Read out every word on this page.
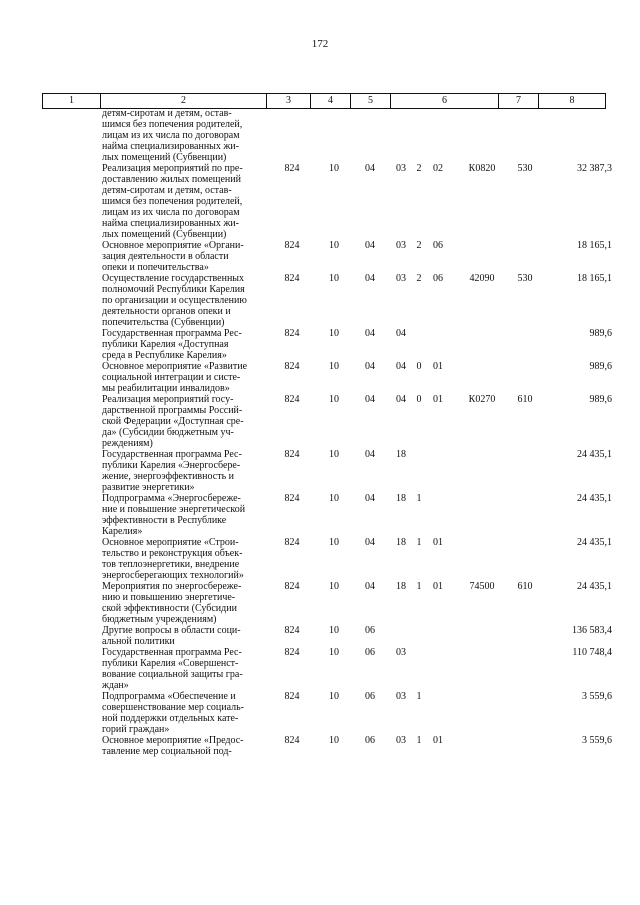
172
1	2	3	4	5	6	7	8
детям-сиротам и детям, остав-
шимся без попечения родителей,
лицам из их числа по договорам
найма специализированных жи-
лых помещений (Субвенции)
Реализация мероприятий по пре-
доставлению жилых помещений
детям-сиротам и детям, остав-
шимся без попечения родителей,
лицам из их числа по договорам
найма специализированных жи-
лых помещений (Субвенции)
824	10	04	03 2	02	К0820	530	32 387,3
Основное мероприятие «Органи-
зация деятельности в области
опеки и попечительства»
824	10	04	03 2	06	18 165,1
Осуществление государственных
полномочий Республики Карелия
по организации и осуществлению
деятельности органов опеки и
попечительства (Субвенции)
824	10	04	03 2	06	42090	530	18 165,1
Государственная программа Рес-
публики Карелия «Доступная
среда в Республике Карелия»
824	10	04	04	989,6
Основное мероприятие «Развитие
социальной интеграции и систе-
мы реабилитации инвалидов»
824	10	04	04 0	01	989,6
Реализация мероприятий госу-
дарственной программы Россий-
ской Федерации «Доступная сре-
да» (Субсидии бюджетным уч-
реждениям)
824	10	04	04 0	01	К0270	610	989,6
Государственная программа Рес-
публики Карелия «Энергосбере-
жение, энергоэффективность и
развитие энергетики»
824	10	04	18	24 435,1
Подпрограмма «Энергосбереже-
ние и повышение энергетической
эффективности в Республике
Карелия»
824	10	04	18 1	24 435,1
Основное мероприятие «Строи-
тельство и реконструкция объек-
тов теплоэнергетики, внедрение
энергосберегающих технологий»
824	10	04	18 1	01	24 435,1
Мероприятия по энергосбереже-
нию и повышению энергетиче-
ской эффективности (Субсидии
бюджетным учреждениям)
824	10	04	18 1	01	74500	610	24 435,1
Другие вопросы в области соци-
альной политики
824	10	06	136 583,4
Государственная программа Рес-
публики Карелия «Совершенст-
вование социальной защиты гра-
ждан»
824	10	06	03	110 748,4
Подпрограмма «Обеспечение и
совершенствование мер социаль-
ной поддержки отдельных кате-
горий граждан»
824	10	06	03 1	3 559,6
Основное мероприятие «Предос-
тавление мер социальной под-
824	10	06	03 1	01	3 559,6
